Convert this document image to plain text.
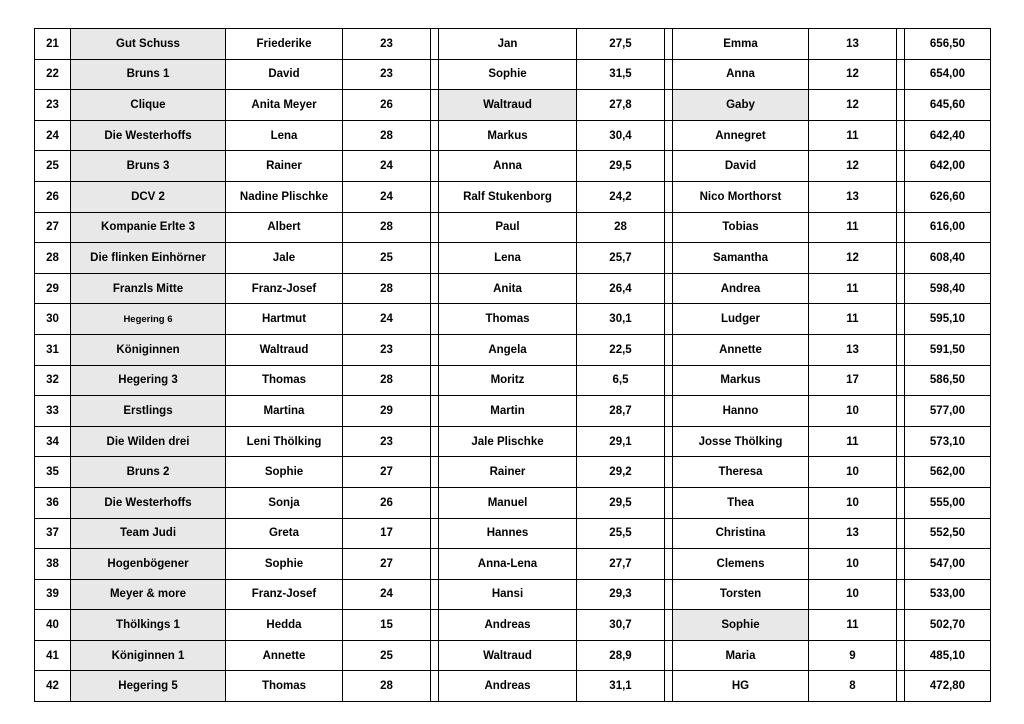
21	Gut Schuss	Friederike	23		Jan	27,5		Emma	13		656,50
22	Bruns 1	David	23		Sophie	31,5		Anna	12		654,00
23	Clique	Anita Meyer	26		Waltraud	27,8		Gaby	12		645,60
24	Die Westerhoffs	Lena	28		Markus	30,4		Annegret	11		642,40
25	Bruns 3	Rainer	24		Anna	29,5		David	12		642,00
26	DCV 2	Nadine Plischke	24		Ralf Stukenborg	24,2		Nico Morthorst	13		626,60
27	Kompanie Erlte 3	Albert	28		Paul	28		Tobias	11		616,00
28	Die flinken Einhörner	Jale	25		Lena	25,7		Samantha	12		608,40
29	Franzls Mitte	Franz-Josef	28		Anita	26,4		Andrea	11		598,40
30	Hegering 6	Hartmut	24		Thomas	30,1		Ludger	11		595,10
31	Königinnen	Waltraud	23		Angela	22,5		Annette	13		591,50
32	Hegering 3	Thomas	28		Moritz	6,5		Markus	17		586,50
33	Erstlings	Martina	29		Martin	28,7		Hanno	10		577,00
34	Die Wilden drei	Leni Thölking	23		Jale Plischke	29,1		Josse Thölking	11		573,10
35	Bruns 2	Sophie	27		Rainer	29,2		Theresa	10		562,00
36	Die Westerhoffs	Sonja	26		Manuel	29,5		Thea	10		555,00
37	Team Judi	Greta	17		Hannes	25,5		Christina	13		552,50
38	Hogenbögener	Sophie	27		Anna-Lena	27,7		Clemens	10		547,00
39	Meyer & more	Franz-Josef	24		Hansi	29,3		Torsten	10		533,00
40	Thölkings 1	Hedda	15		Andreas	30,7		Sophie	11		502,70
41	Königinnen 1	Annette	25		Waltraud	28,9		Maria	9		485,10
42	Hegering 5	Thomas	28		Andreas	31,1		HG	8		472,80
